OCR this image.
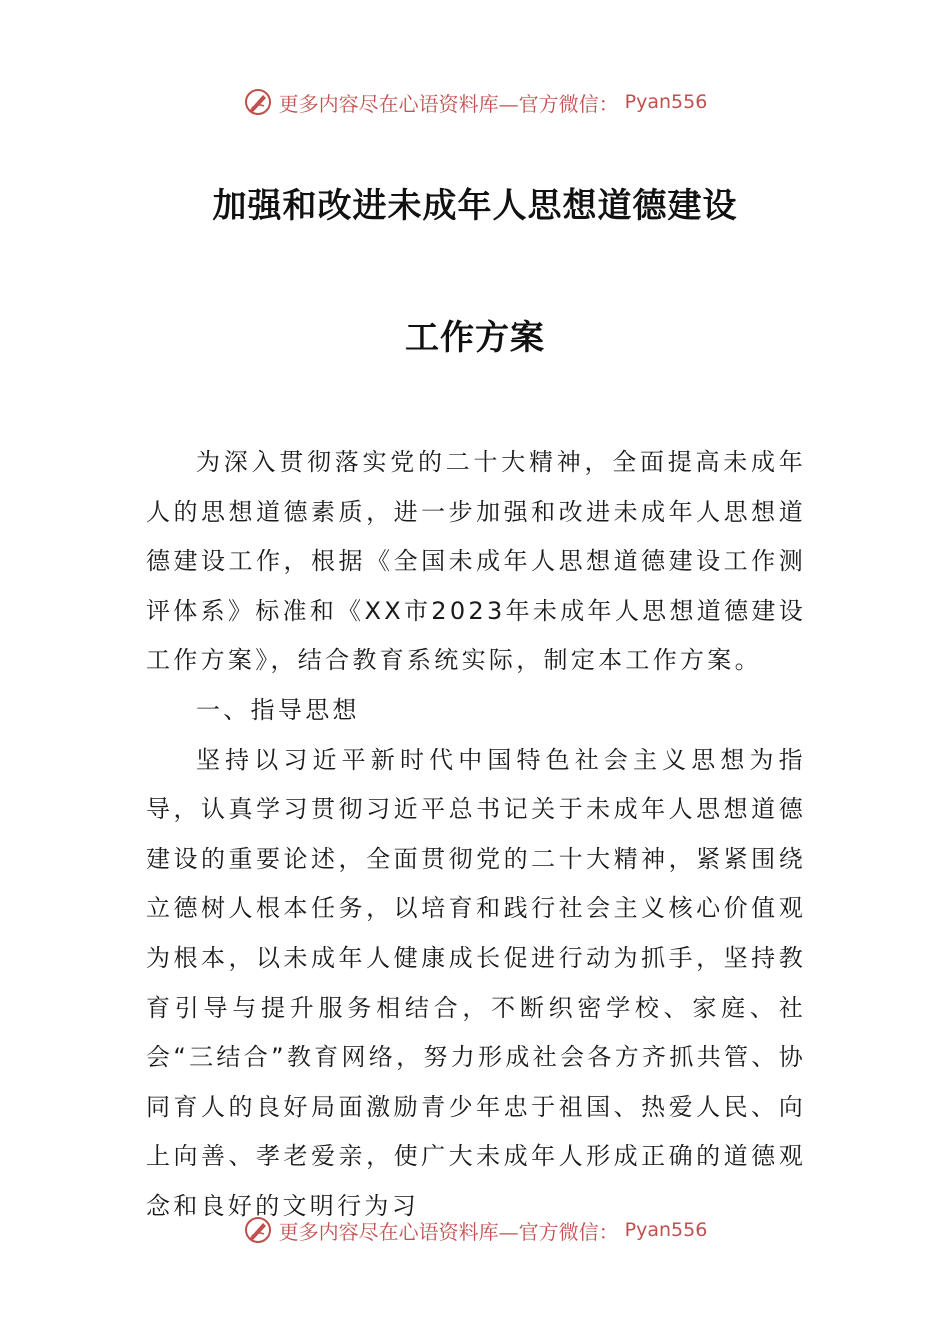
更多内容尽在心语资料库—官方微信： Pyan556
加强和改进未成年人思想道德建设
工作方案

为深入贯彻落实党的二十大精神，全面提高未成年人的思想道德素质，进一步加强和改进未成年人思想道德建设工作，根据《全国未成年人思想道德建设工作测评体系》标准和《XX市2023年未成年人思想道德建设工作方案》，结合教育系统实际，制定本工作方案。

一、指导思想

坚持以习近平新时代中国特色社会主义思想为指导，认真学习贯彻习近平总书记关于未成年人思想道德建设的重要论述，全面贯彻党的二十大精神，紧紧围绕立德树人根本任务，以培育和践行社会主义核心价值观为根本，以未成年人健康成长促进行动为抓手，坚持教育引导与提升服务相结合，不断织密学校、家庭、社会“三结合”教育网络，努力形成社会各方齐抓共管、协同育人的良好局面激励青少年忠于祖国、热爱人民、向上向善、孝老爱亲，使广大未成年人形成正确的道德观念和良好的文明行为习

更多内容尽在心语资料库—官方微信： Pyan556
